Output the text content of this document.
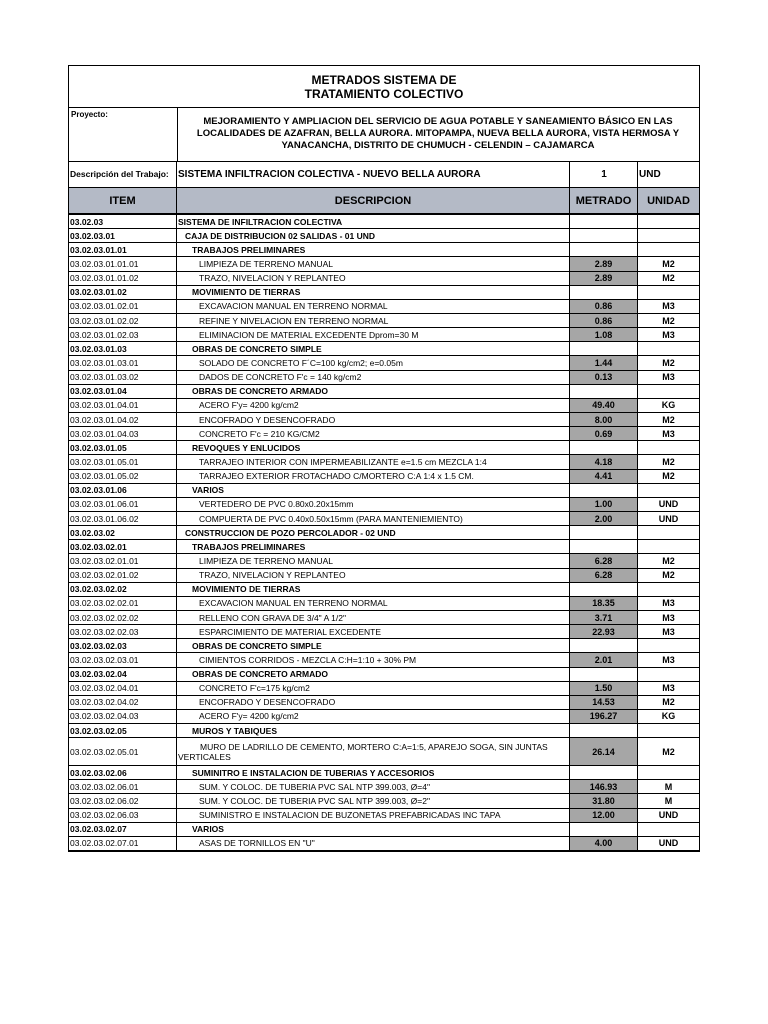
METRADOS SISTEMA DE
TRATAMIENTO COLECTIVO
Proyecto:
MEJORAMIENTO Y AMPLIACION DEL SERVICIO DE AGUA POTABLE Y SANEAMIENTO BÁSICO EN LAS LOCALIDADES DE AZAFRAN, BELLA AURORA. MITOPAMPA, NUEVA BELLA AURORA, VISTA HERMOSA Y YANACANCHA, DISTRITO DE CHUMUCH - CELENDIN – CAJAMARCA
Descripción del Trabajo: SISTEMA INFILTRACION COLECTIVA - NUEVO BELLA AURORA	1	UND
ITEM	DESCRIPCION	METRADO	UNIDAD
03.02.03	SISTEMA DE INFILTRACION COLECTIVA
03.02.03.01	CAJA DE DISTRIBUCION 02 SALIDAS - 01 UND
03.02.03.01.01	TRABAJOS PRELIMINARES
03.02.03.01.01.01	LIMPIEZA DE TERRENO MANUAL	2.89	M2
03.02.03.01.01.02	TRAZO, NIVELACION Y REPLANTEO	2.89	M2
03.02.03.01.02	MOVIMIENTO DE TIERRAS
03.02.03.01.02.01	EXCAVACION MANUAL EN TERRENO NORMAL	0.86	M3
03.02.03.01.02.02	REFINE Y NIVELACION EN TERRENO NORMAL	0.86	M2
03.02.03.01.02.03	ELIMINACION DE MATERIAL EXCEDENTE Dprom=30 M	1.08	M3
03.02.03.01.03	OBRAS DE CONCRETO SIMPLE
03.02.03.01.03.01	SOLADO DE CONCRETO F´C=100 kg/cm2; e=0.05m	1.44	M2
03.02.03.01.03.02	DADOS DE CONCRETO F'c = 140 kg/cm2	0.13	M3
03.02.03.01.04	OBRAS DE CONCRETO ARMADO
03.02.03.01.04.01	ACERO F'y= 4200 kg/cm2	49.40	KG
03.02.03.01.04.02	ENCOFRADO Y DESENCOFRADO	8.00	M2
03.02.03.01.04.03	CONCRETO F'c = 210 KG/CM2	0.69	M3
03.02.03.01.05	REVOQUES Y ENLUCIDOS
03.02.03.01.05.01	TARRAJEO INTERIOR CON IMPERMEABILIZANTE e=1.5 cm MEZCLA 1:4	4.18	M2
03.02.03.01.05.02	TARRAJEO EXTERIOR FROTACHADO C/MORTERO C:A 1:4 x 1.5 CM.	4.41	M2
03.02.03.01.06	VARIOS
03.02.03.01.06.01	VERTEDERO DE PVC 0.80x0.20x15mm	1.00	UND
03.02.03.01.06.02	COMPUERTA DE PVC 0.40x0.50x15mm (PARA MANTENIEMIENTO)	2.00	UND
03.02.03.02	CONSTRUCCION DE POZO PERCOLADOR - 02 UND
03.02.03.02.01	TRABAJOS PRELIMINARES
03.02.03.02.01.01	LIMPIEZA DE TERRENO MANUAL	6.28	M2
03.02.03.02.01.02	TRAZO, NIVELACION Y REPLANTEO	6.28	M2
03.02.03.02.02	MOVIMIENTO DE TIERRAS
03.02.03.02.02.01	EXCAVACION MANUAL EN TERRENO NORMAL	18.35	M3
03.02.03.02.02.02	RELLENO CON GRAVA DE 3/4" A 1/2"	3.71	M3
03.02.03.02.02.03	ESPARCIMIENTO DE MATERIAL EXCEDENTE	22.93	M3
03.02.03.02.03	OBRAS DE CONCRETO SIMPLE
03.02.03.02.03.01	CIMIENTOS CORRIDOS - MEZCLA C:H=1:10 + 30% PM	2.01	M3
03.02.03.02.04	OBRAS DE CONCRETO ARMADO
03.02.03.02.04.01	CONCRETO F'c=175 kg/cm2	1.50	M3
03.02.03.02.04.02	ENCOFRADO Y DESENCOFRADO	14.53	M2
03.02.03.02.04.03	ACERO F'y= 4200 kg/cm2	196.27	KG
03.02.03.02.05	MUROS Y TABIQUES
03.02.03.02.05.01	MURO DE LADRILLO DE CEMENTO, MORTERO C:A=1:5, APAREJO SOGA, SIN JUNTAS VERTICALES	26.14	M2
03.02.03.02.06	SUMINITRO E INSTALACION DE TUBERIAS Y ACCESORIOS
03.02.03.02.06.01	SUM. Y COLOC. DE TUBERIA PVC SAL NTP 399.003, Ø=4"	146.93	M
03.02.03.02.06.02	SUM. Y COLOC. DE TUBERIA PVC SAL NTP 399.003, Ø=2"	31.80	M
03.02.03.02.06.03	SUMINISTRO E INSTALACION DE BUZONETAS PREFABRICADAS INC TAPA	12.00	UND
03.02.03.02.07	VARIOS
03.02.03.02.07.01	ASAS DE TORNILLOS EN "U"	4.00	UND
